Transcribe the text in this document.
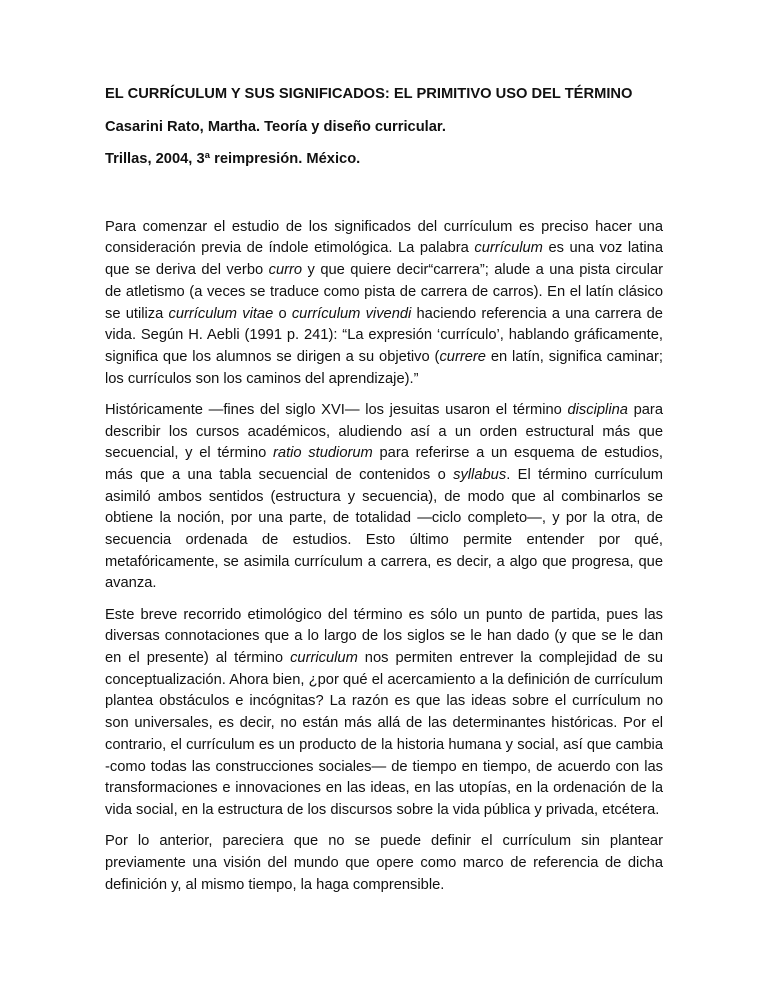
EL CURRÍCULUM Y SUS SIGNIFICADOS: EL PRIMITIVO USO DEL TÉRMINO

Casarini Rato, Martha. Teoría y diseño curricular.

Trillas, 2004, 3ª reimpresión. México.

Para comenzar el estudio de los significados del currículum es preciso hacer una consideración previa de índole etimológica. La palabra currículum es una voz latina que se deriva del verbo curro y que quiere decir“carrera”; alude a una pista circular de atletismo (a veces se traduce como pista de carrera de carros). En el latín clásico se utiliza currículum vitae o currículum vivendi haciendo referencia a una carrera de vida. Según H. Aebli (1991 p. 241): “La expresión ‘currículo’, hablando gráficamente, significa que los alumnos se dirigen a su objetivo (currere en latín, significa caminar; los currículos son los caminos del aprendizaje).”

Históricamente —fines del siglo XVI— los jesuitas usaron el término disciplina para describir los cursos académicos, aludiendo así a un orden estructural más que secuencial, y el término ratio studiorum para referirse a un esquema de estudios, más que a una tabla secuencial de contenidos o syllabus. El término currículum asimiló ambos sentidos (estructura y secuencia), de modo que al combinarlos se obtiene la noción, por una parte, de totalidad —ciclo completo—, y por la otra, de secuencia ordenada de estudios. Esto último permite entender por qué, metafóricamente, se asimila currículum a carrera, es decir, a algo que progresa, que avanza.

Este breve recorrido etimológico del término es sólo un punto de partida, pues las diversas connotaciones que a lo largo de los siglos se le han dado (y que se le dan en el presente) al término curriculum nos permiten entrever la complejidad de su conceptualización. Ahora bien, ¿por qué el acercamiento a la definición de currículum plantea obstáculos e incógnitas? La razón es que las ideas sobre el currículum no son universales, es decir, no están más allá de las determinantes históricas. Por el contrario, el currículum es un producto de la historia humana y social, así que cambia -como todas las construcciones sociales— de tiempo en tiempo, de acuerdo con las transformaciones e innovaciones en las ideas, en las utopías, en la ordenación de la vida social, en la estructura de los discursos sobre la vida pública y privada, etcétera.

Por lo anterior, pareciera que no se puede definir el currículum sin plantear previamente una visión del mundo que opere como marco de referencia de dicha definición y, al mismo tiempo, la haga comprensible.
